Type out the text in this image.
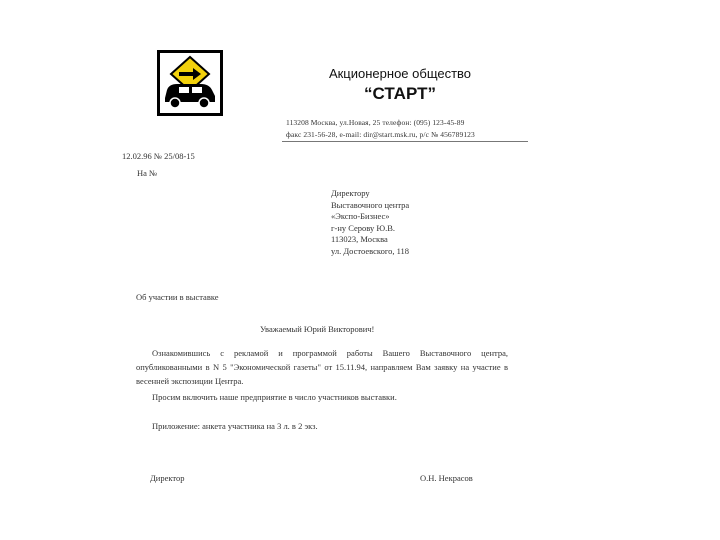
Акционерное общество
“СТАРТ”
113208 Москва, ул.Новая, 25 телефон: (095) 123-45-89
факс 231-56-28, e-mail: dir@start.msk.ru, р/с № 456789123
12.02.96 № 25/08-15
На №
Директору
Выставочного центра
«Экспо-Бизнес»
г-ну Серову Ю.В.
113023, Москва
ул. Достоевского, 118
Об участии в выставке
Уважаемый Юрий Викторович!
Ознакомившись с рекламой и программой работы Вашего Выставочного центра, опубликованными в N 5 "Экономической газеты" от 15.11.94, направляем Вам заявку на участие в весенней экспозиции Центра.
Просим включить наше предприятие в число участников выставки.
Приложение: анкета участника на 3 л. в 2 экз.
Директор	О.Н. Некрасов
